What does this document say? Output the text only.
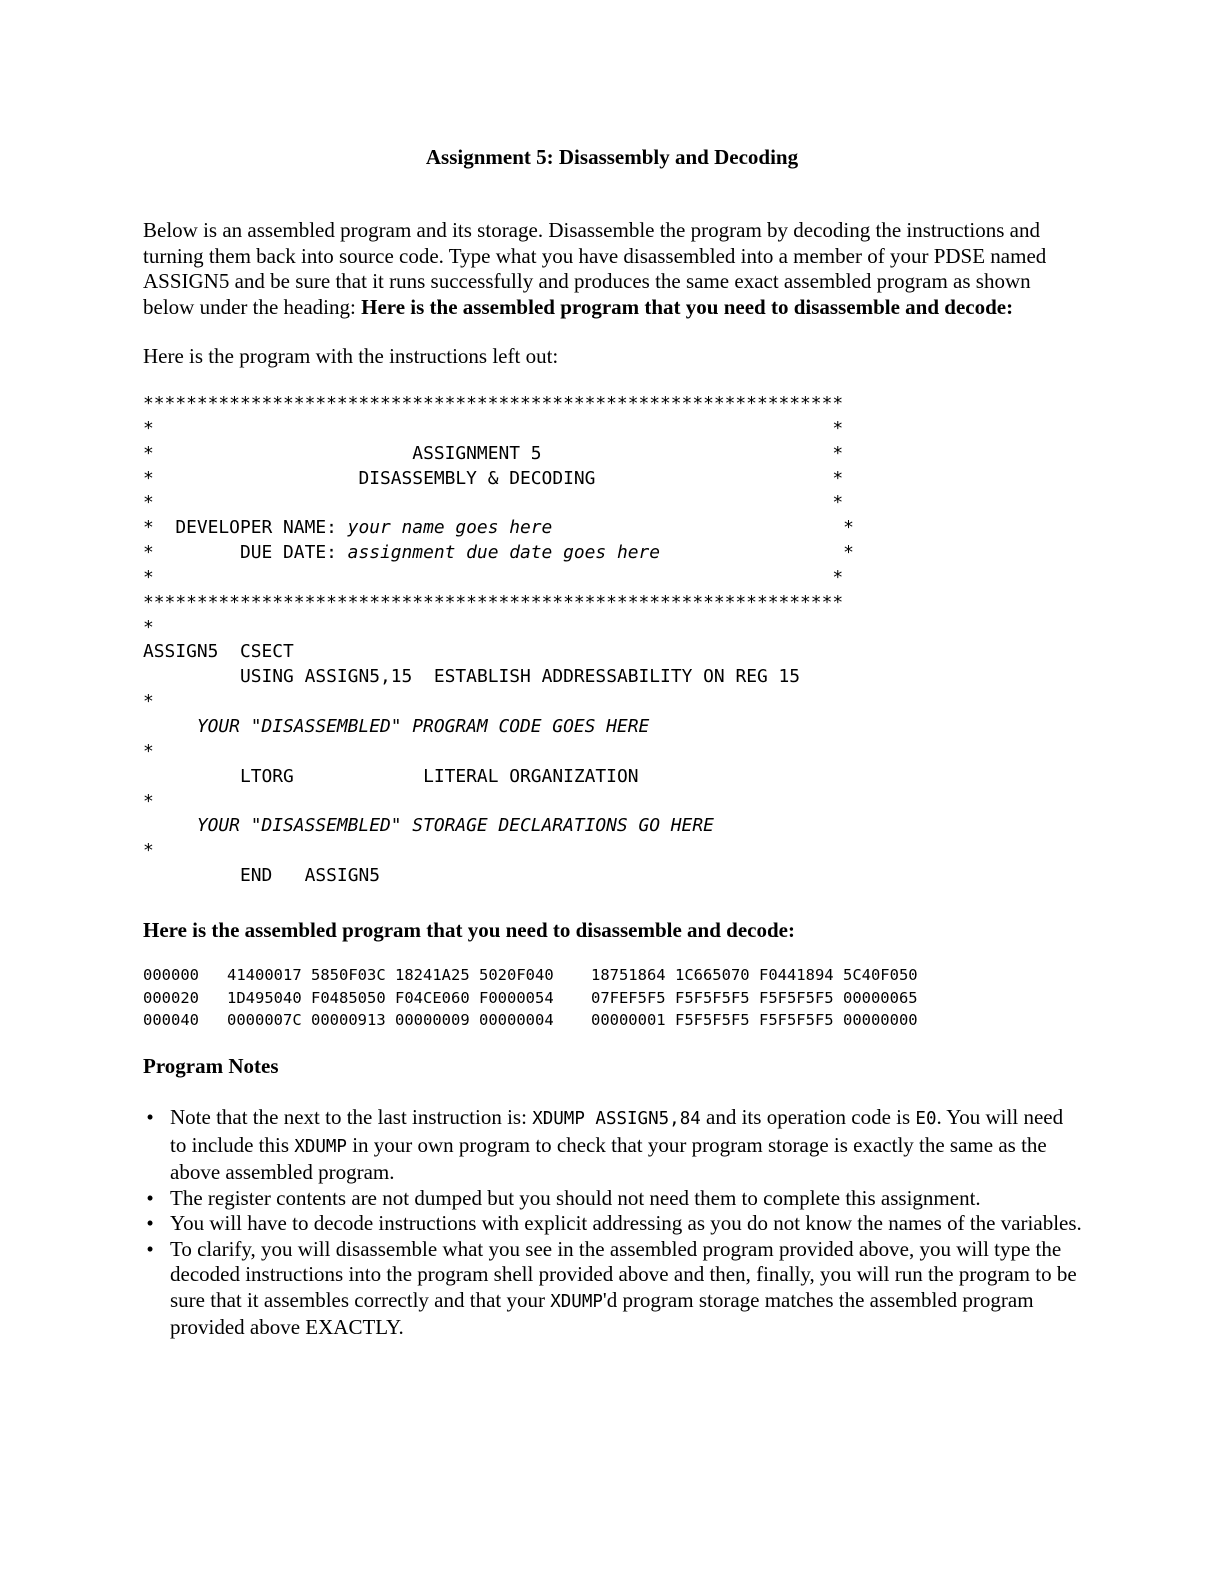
Assignment 5: Disassembly and Decoding

Below is an assembled program and its storage. Disassemble the program by decoding the instructions and turning them back into source code. Type what you have disassembled into a member of your PDSE named ASSIGN5 and be sure that it runs successfully and produces the same exact assembled program as shown below under the heading: Here is the assembled program that you need to disassemble and decode:

Here is the program with the instructions left out:

*****************************************************************
*                                                               *
*	ASSIGNMENT 5	*
*	DISASSEMBLY & DECODING	*
*                                                               *
* DEVELOPER NAME: your name goes here	*
*	DUE DATE: assignment due date goes here	*
*                                                               *
*****************************************************************
*
ASSIGN5 CSECT
USING ASSIGN5,15 ESTABLISH ADDRESSABILITY ON REG 15
*
YOUR "DISASSEMBLED" PROGRAM CODE GOES HERE
*
LTORG	LITERAL ORGANIZATION
*
YOUR "DISASSEMBLED" STORAGE DECLARATIONS GO HERE
*
END ASSIGN5

Here is the assembled program that you need to disassemble and decode:

000000 41400017 5850F03C 18241A25 5020F040 18751864 1C665070 F0441894 5C40F050
000020 1D495040 F0485050 F04CE060 F0000054 07FEF5F5 F5F5F5F5 F5F5F5F5 00000065
000040 0000007C 00000913 00000009 00000004 00000001 F5F5F5F5 F5F5F5F5 00000000

Program Notes

• Note that the next to the last instruction is: XDUMP ASSIGN5,84 and its operation code is E0. You will need to include this XDUMP in your own program to check that your program storage is exactly the same as the above assembled program.
• The register contents are not dumped but you should not need them to complete this assignment.
• You will have to decode instructions with explicit addressing as you do not know the names of the variables.
• To clarify, you will disassemble what you see in the assembled program provided above, you will type the decoded instructions into the program shell provided above and then, finally, you will run the program to be sure that it assembles correctly and that your XDUMP'd program storage matches the assembled program provided above EXACTLY.
